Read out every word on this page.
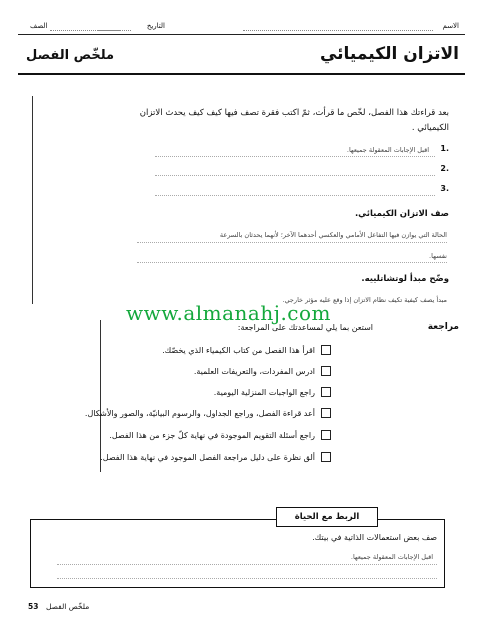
الاسم
التاريخ
الصف
الاتزان الكيميائي
ملخّص الفصل
بعد قراءتك هذا الفصل، لخّص ما قرأت، ثمّ اكتب فقرة تصف فيها كيف كيف يحدث الاتزان الكيميائي .
1.
اقبل الإجابات المعقولة جميعها.
2.
3.
صف الاتزان الكيميائي.
الحالة التي يوازن فيها التفاعل الأمامي والعكسي أحدهما الآخر؛ لأنهما يحدثان بالسرعة
نفسها.
وضّح مبدأ لوتشاتلييه.
مبدأ يصف كيفية تكيف نظام الاتزان إذا وقع عليه مؤثر خارجي.
www.almanahj.com
مراجعة
استعن بما يلي لمساعدتك على المراجعة:
اقرأ هذا الفصل من كتاب الكيمياء الذي يخصّك.
ادرس المفردات، والتعريفات العلمية.
راجع الواجبات المنزلية اليومية.
أعد قراءة الفصل، وراجع الجداول، والرسوم البيانيّة، والصور والأشكال.
راجع أسئلة التقويم الموجودة في نهاية كلّ جزء من هذا الفصل.
ألق نظرة على دليل مراجعة الفصل الموجود في نهاية هذا الفصل.
الربط مع الحياة
صف بعض استعمالات الذاتية في بيتك.
اقبل الإجابات المعقولة جميعها.
ملخّص الفصل
53
